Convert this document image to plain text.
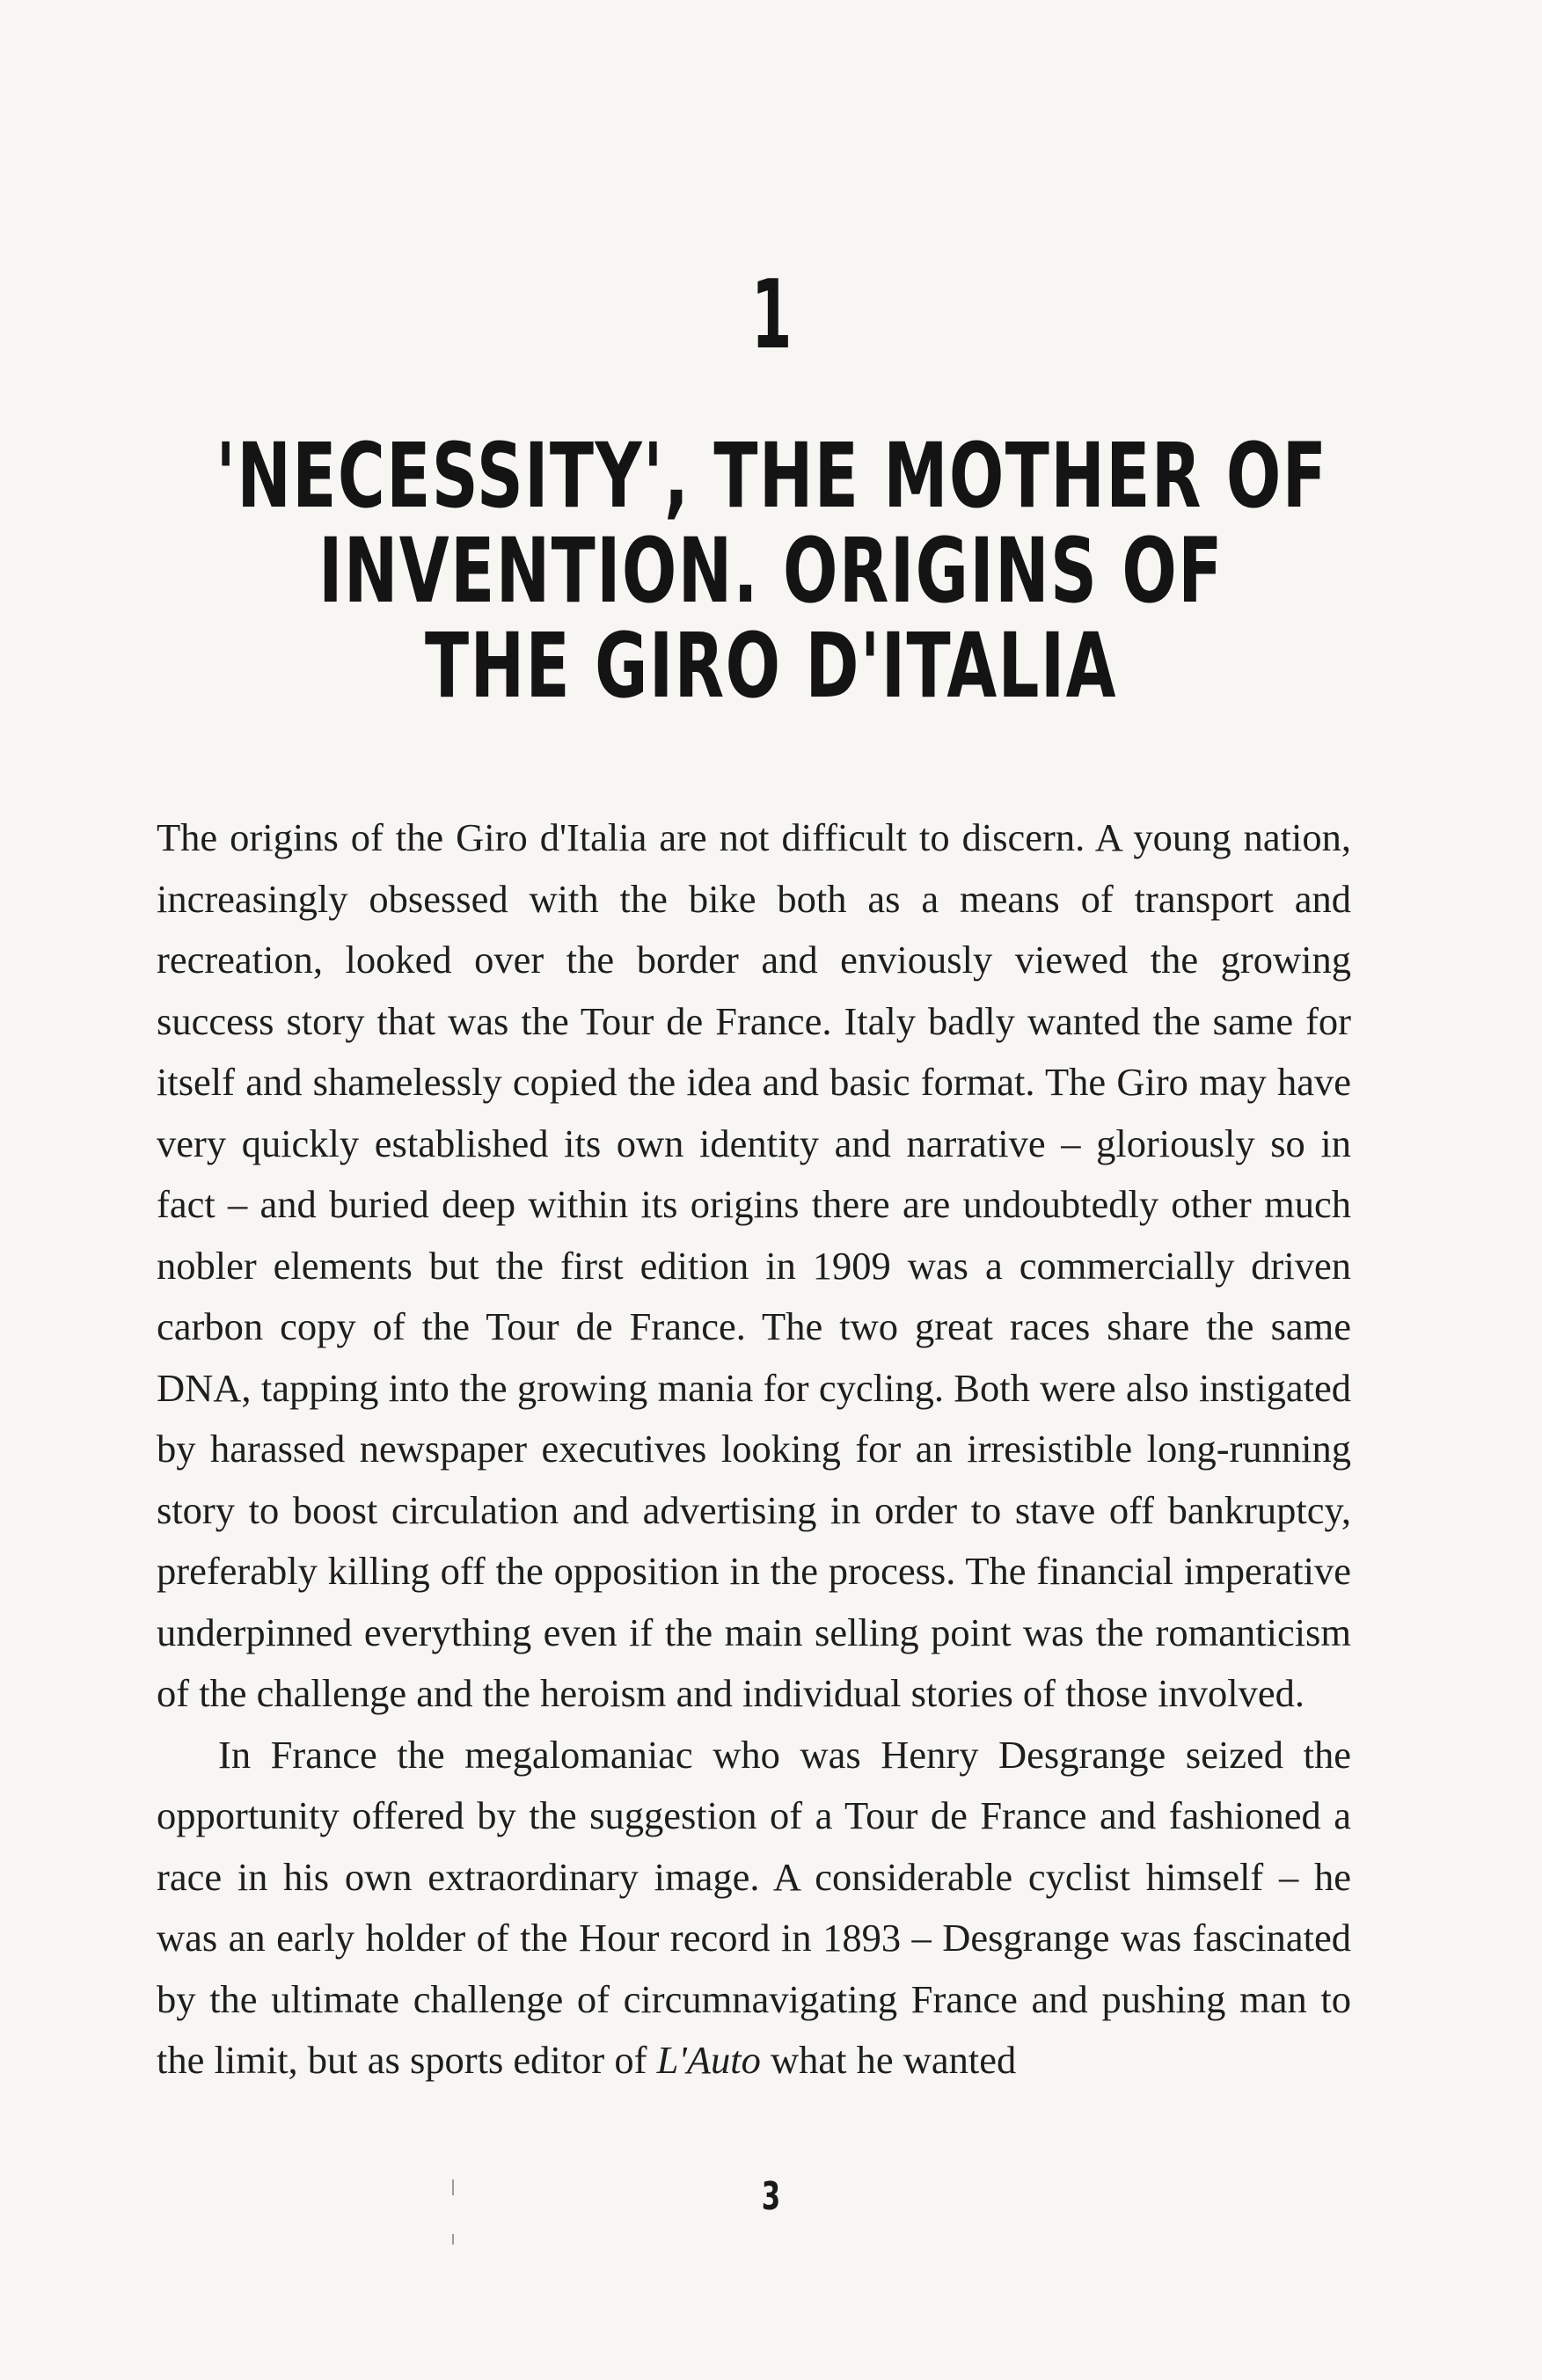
1
'NECESSITY', THE MOTHER OF
INVENTION. ORIGINS OF
THE GIRO D'ITALIA

The origins of the Giro d'Italia are not difficult to discern. A young nation, increasingly obsessed with the bike both as a means of transport and recreation, looked over the border and enviously viewed the growing success story that was the Tour de France. Italy badly wanted the same for itself and shamelessly copied the idea and basic format. The Giro may have very quickly established its own identity and narrative – gloriously so in fact – and buried deep within its origins there are undoubtedly other much nobler elements but the first edition in 1909 was a commercially driven carbon copy of the Tour de France. The two great races share the same DNA, tapping into the growing mania for cycling. Both were also instigated by harassed newspaper executives looking for an irresistible long-running story to boost circulation and advertising in order to stave off bankruptcy, preferably killing off the opposition in the process. The financial imperative underpinned everything even if the main selling point was the romanticism of the challenge and the heroism and individual stories of those involved.

In France the megalomaniac who was Henry Desgrange seized the opportunity offered by the suggestion of a Tour de France and fashioned a race in his own extraordinary image. A considerable cyclist himself – he was an early holder of the Hour record in 1893 – Desgrange was fascinated by the ultimate challenge of circumnavigating France and pushing man to the limit, but as sports editor of L'Auto what he wanted

3
